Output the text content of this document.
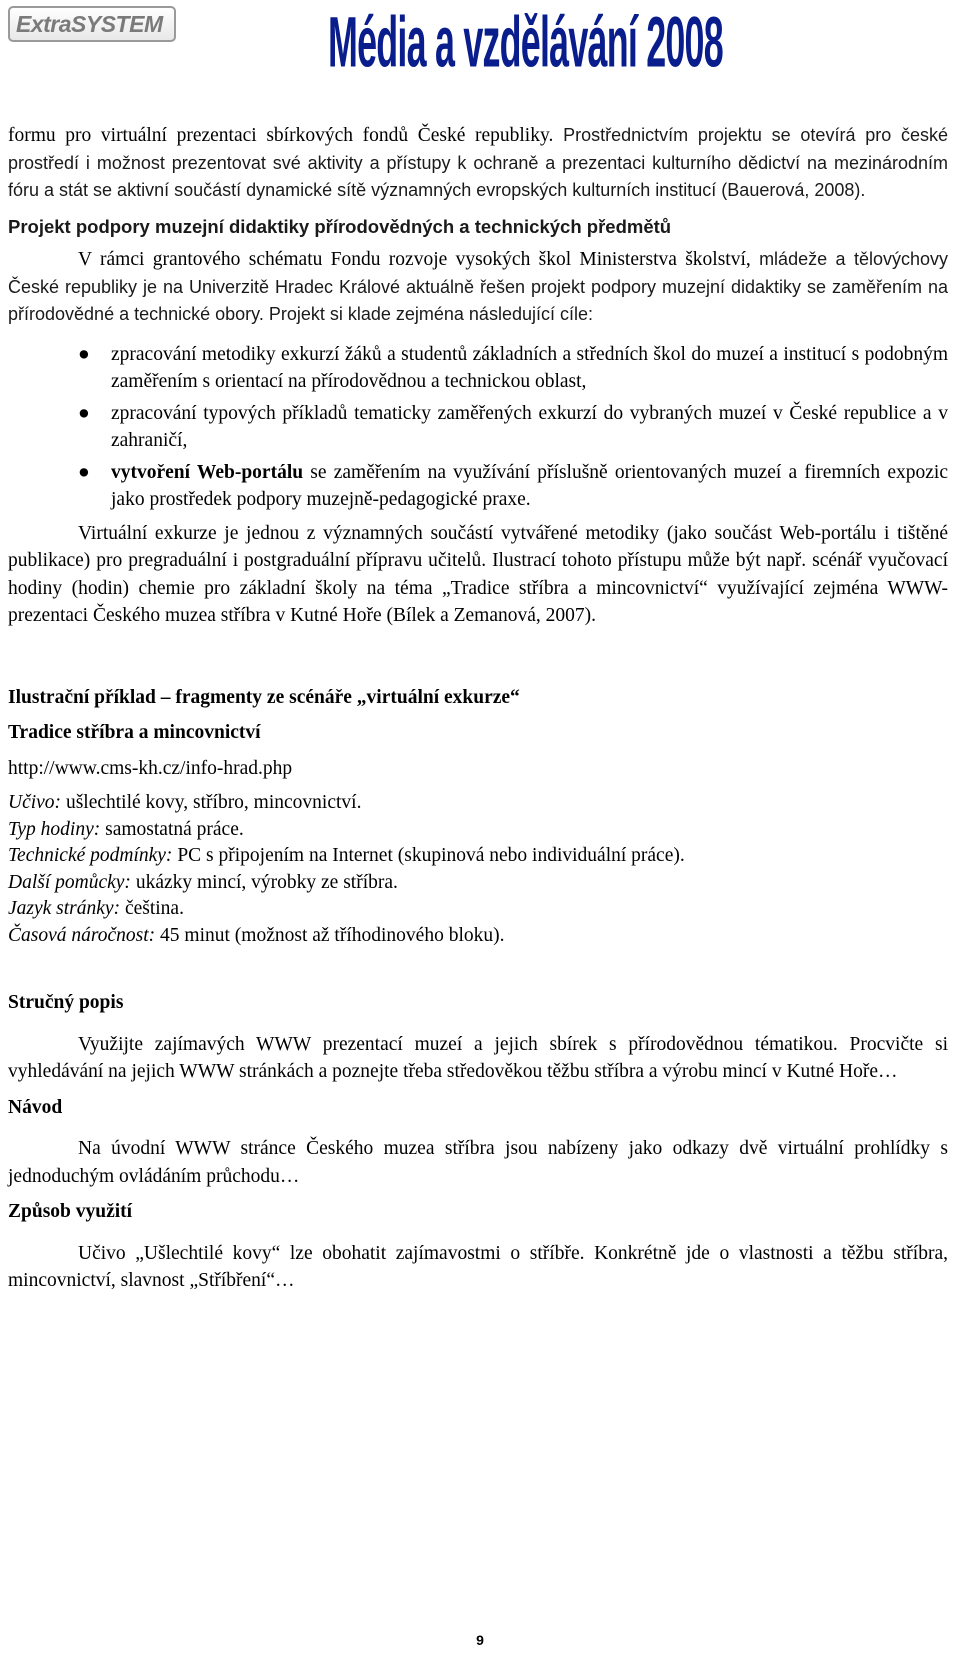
ExtraSYSTEM	Média a vzdělávání 2008

formu pro virtuální prezentaci sbírkových fondů České republiky. Prostřednictvím projektu se otevírá pro české prostředí i možnost prezentovat své aktivity a přístupy k ochraně a prezentaci kulturního dědictví na mezinárodním fóru a stát se aktivní součástí dynamické sítě významných evropských kulturních institucí (Bauerová, 2008).

Projekt podpory muzejní didaktiky přírodovědných a technických předmětů

V rámci grantového schématu Fondu rozvoje vysokých škol Ministerstva školství, mládeže a tělovýchovy České republiky je na Univerzitě Hradec Králové aktuálně řešen projekt podpory muzejní didaktiky se zaměřením na přírodovědné a technické obory. Projekt si klade zejména následující cíle:

● zpracování metodiky exkurzí žáků a studentů základních a středních škol do muzeí a institucí s podobným zaměřením s orientací na přírodovědnou a technickou oblast,
● zpracování typových příkladů tematicky zaměřených exkurzí do vybraných muzeí v České republice a v zahraničí,
● vytvoření Web-portálu se zaměřením na využívání příslušně orientovaných muzeí a firemních expozic jako prostředek podpory muzejně-pedagogické praxe.

Virtuální exkurze je jednou z významných součástí vytvářené metodiky (jako součást Web-portálu i tištěné publikace) pro pregraduální i postgraduální přípravu učitelů. Ilustrací tohoto přístupu může být např. scénář vyučovací hodiny (hodin) chemie pro základní školy na téma „Tradice stříbra a mincovnictví“ využívající zejména WWW-prezentaci Českého muzea stříbra v Kutné Hoře (Bílek a Zemanová, 2007).

Ilustrační příklad – fragmenty ze scénáře „virtuální exkurze“

Tradice stříbra a mincovnictví

http://www.cms-kh.cz/info-hrad.php

Učivo: ušlechtilé kovy, stříbro, mincovnictví.
Typ hodiny: samostatná práce.
Technické podmínky: PC s připojením na Internet (skupinová nebo individuální práce).
Další pomůcky: ukázky mincí, výrobky ze stříbra.
Jazyk stránky: čeština.
Časová náročnost: 45 minut (možnost až tříhodinového bloku).

Stručný popis

Využijte zajímavých WWW prezentací muzeí a jejich sbírek s přírodovědnou tématikou. Procvičte si vyhledávání na jejich WWW stránkách a poznejte třeba středověkou těžbu stříbra a výrobu mincí v Kutné Hoře…

Návod

Na úvodní WWW stránce Českého muzea stříbra jsou nabízeny jako odkazy dvě virtuální prohlídky s jednoduchým ovládáním průchodu…

Způsob využití

Učivo „Ušlechtilé kovy“ lze obohatit zajímavostmi o stříbře. Konkrétně jde o vlastnosti a těžbu stříbra, mincovnictví, slavnost „Stříbření“…

9
